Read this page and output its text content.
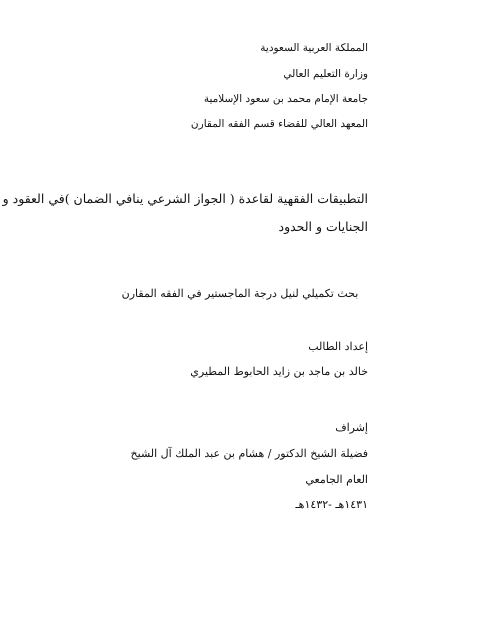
المملكة العربية السعودية
وزارة التعليم العالي
جامعة الإمام محمد بن سعود الإسلامية
المعهد العالي للقضاء قسم الفقه المقارن
التطبيقات الفقهية لقاعدة ( الجواز الشرعي ينافي الضمان )في العقود و
الجنايات و الحدود
بحث تكميلي لنيل درجة الماجستير في الفقه المقارن
إعداد الطالب
خالد بن ماجد بن زايد الحابوط المطيري
إشراف
فضيلة الشيخ الدكتور / هشام بن عبد الملك آل الشيخ
العام الجامعي
١٤٣١هـ -١٤٣٢هـ
